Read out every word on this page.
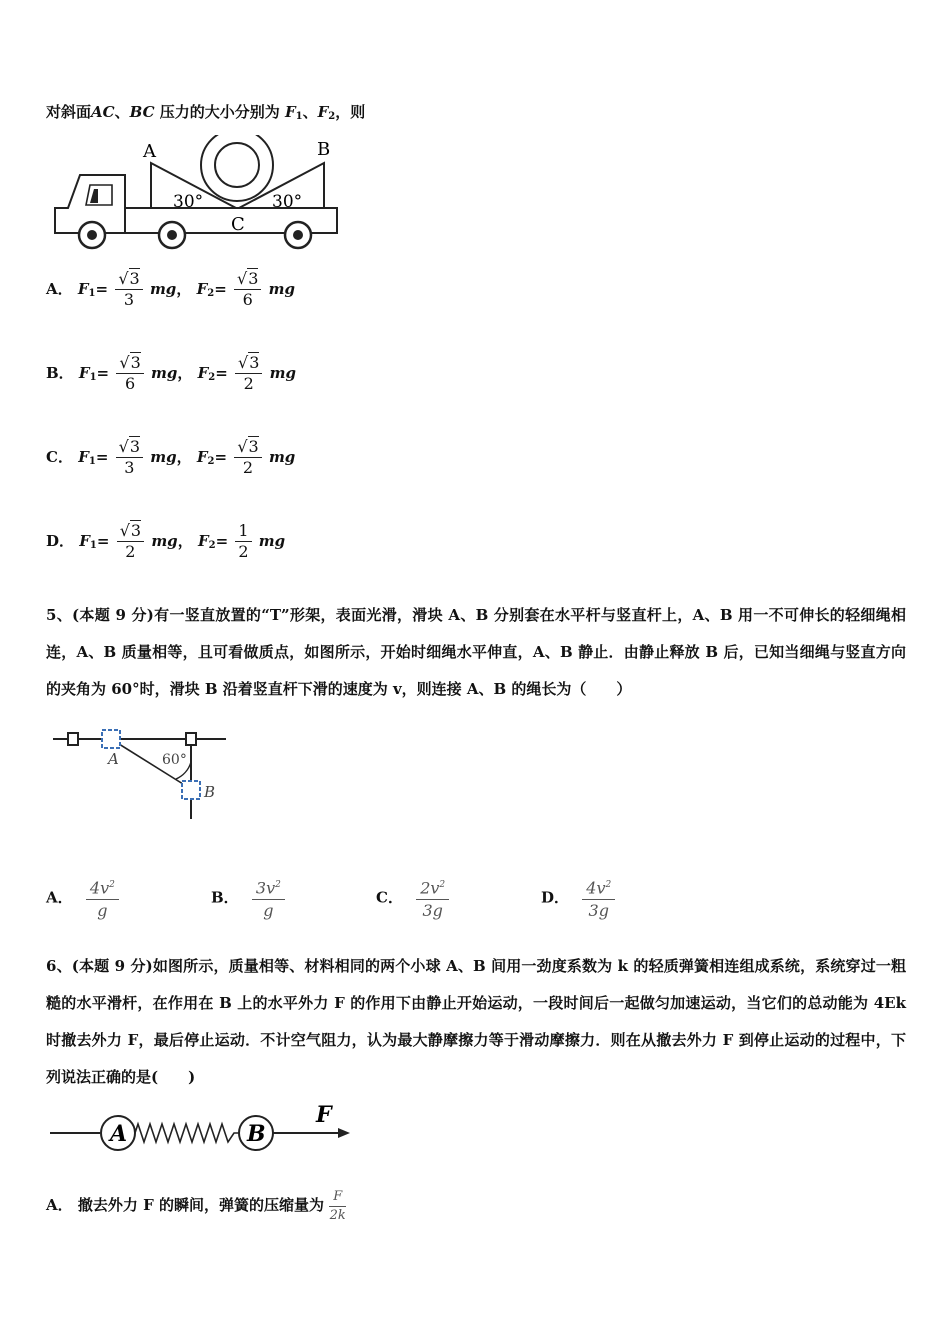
对斜面AC、BC 压力的大小分别为 $F_1$、$F_2$，则
A	B
C
30°	30°
A． $F_1= \frac{√3}{3}$ mg， $F_2= \frac{√3}{6}$ mg
B． $F_1= \frac{√3}{6}$ mg， $F_2= \frac{√3}{2}$ mg
C． $F_1= \frac{√3}{3}$ mg， $F_2= \frac{√3}{2}$ mg
D． $F_1= \frac{√3}{2}$ mg， $F_2= \frac{1}{2}$ mg
5、(本题 9 分)有一竖直放置的“T”形架，表面光滑，滑块 A、B 分别套在水平杆与竖直杆上，A、B 用一不可伸长的轻细绳相连，A、B 质量相等，且可看做质点，如图所示，开始时细绳水平伸直，A、B 静止．由静止释放 B 后，已知当细绳与竖直方向的夹角为 60°时，滑块 B 沿着竖直杆下滑的速度为 v，则连接 A、B 的绳长为（　　）
A
B
60°
A． $\frac{4v^2}{g}$	B． $\frac{3v^2}{g}$	C． $\frac{2v^2}{3g}$	D． $\frac{4v^2}{3g}$
6、(本题 9 分)如图所示，质量相等、材料相同的两个小球 A、B 间用一劲度系数为 k 的轻质弹簧相连组成系统，系统穿过一粗糙的水平滑杆，在作用在 B 上的水平外力 F 的作用下由静止开始运动，一段时间后一起做匀加速运动，当它们的总动能为 4Ek 时撤去外力 F，最后停止运动．不计空气阻力，认为最大静摩擦力等于滑动摩擦力．则在从撤去外力 F 到停止运动的过程中，下列说法正确的是(　　)
A	B
F
A． 撤去外力 F 的瞬间，弹簧的压缩量为 $\frac{F}{2k}$
